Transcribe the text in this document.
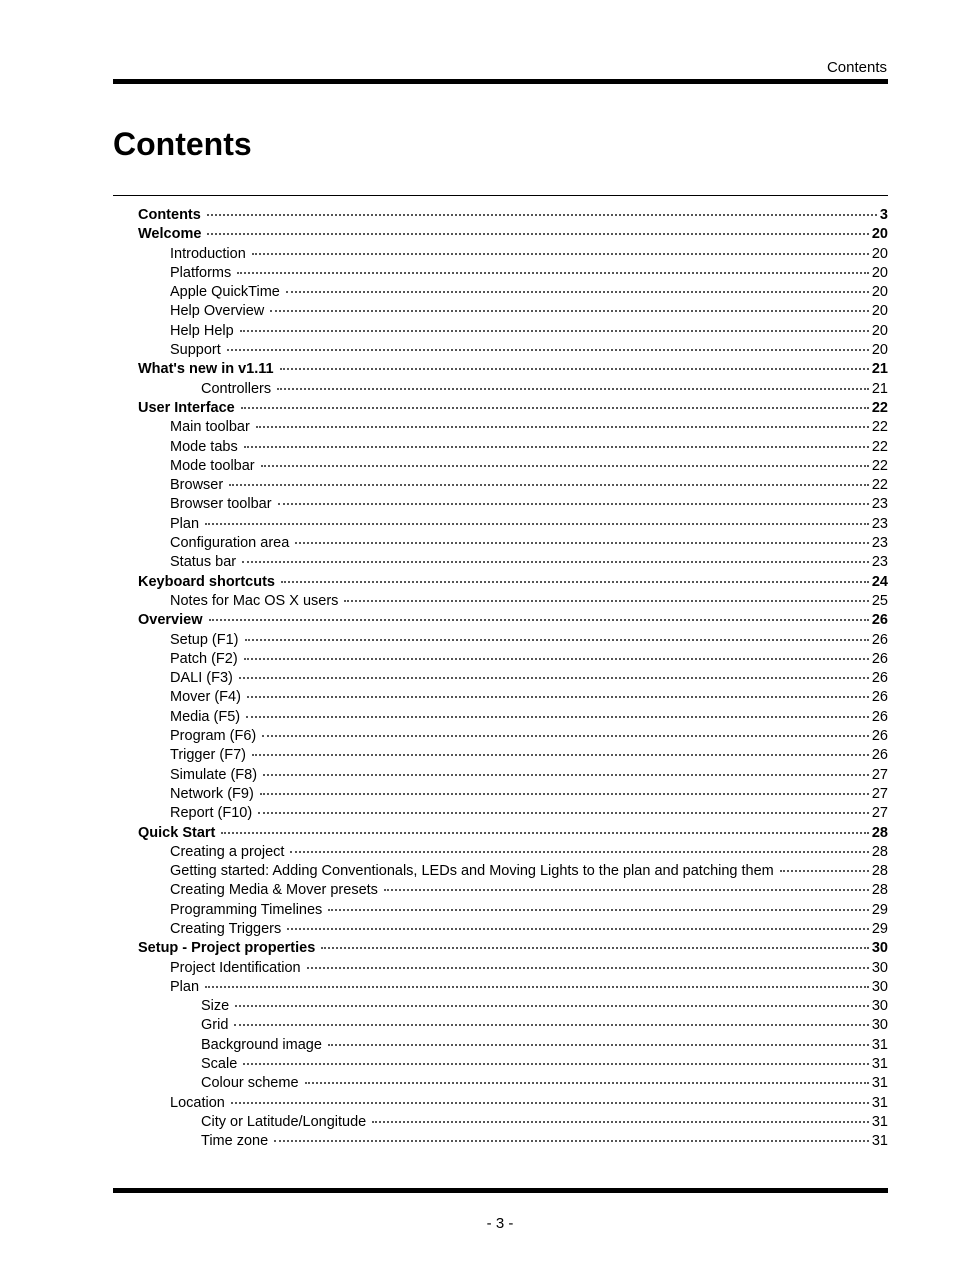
Contents
Contents
Contents	3
Welcome	20
Introduction	20
Platforms	20
Apple QuickTime	20
Help Overview	20
Help Help	20
Support	20
What's new in v1.11	21
Controllers	21
User Interface	22
Main toolbar	22
Mode tabs	22
Mode toolbar	22
Browser	22
Browser toolbar	23
Plan	23
Configuration area	23
Status bar	23
Keyboard shortcuts	24
Notes for Mac OS X users	25
Overview	26
Setup (F1)	26
Patch (F2)	26
DALI (F3)	26
Mover (F4)	26
Media (F5)	26
Program (F6)	26
Trigger (F7)	26
Simulate (F8)	27
Network (F9)	27
Report (F10)	27
Quick Start	28
Creating a project	28
Getting started: Adding Conventionals, LEDs and Moving Lights to the plan and patching them	28
Creating Media & Mover presets	28
Programming Timelines	29
Creating Triggers	29
Setup - Project properties	30
Project Identification	30
Plan	30
Size	30
Grid	30
Background image	31
Scale	31
Colour scheme	31
Location	31
City or Latitude/Longitude	31
Time zone	31
- 3 -
